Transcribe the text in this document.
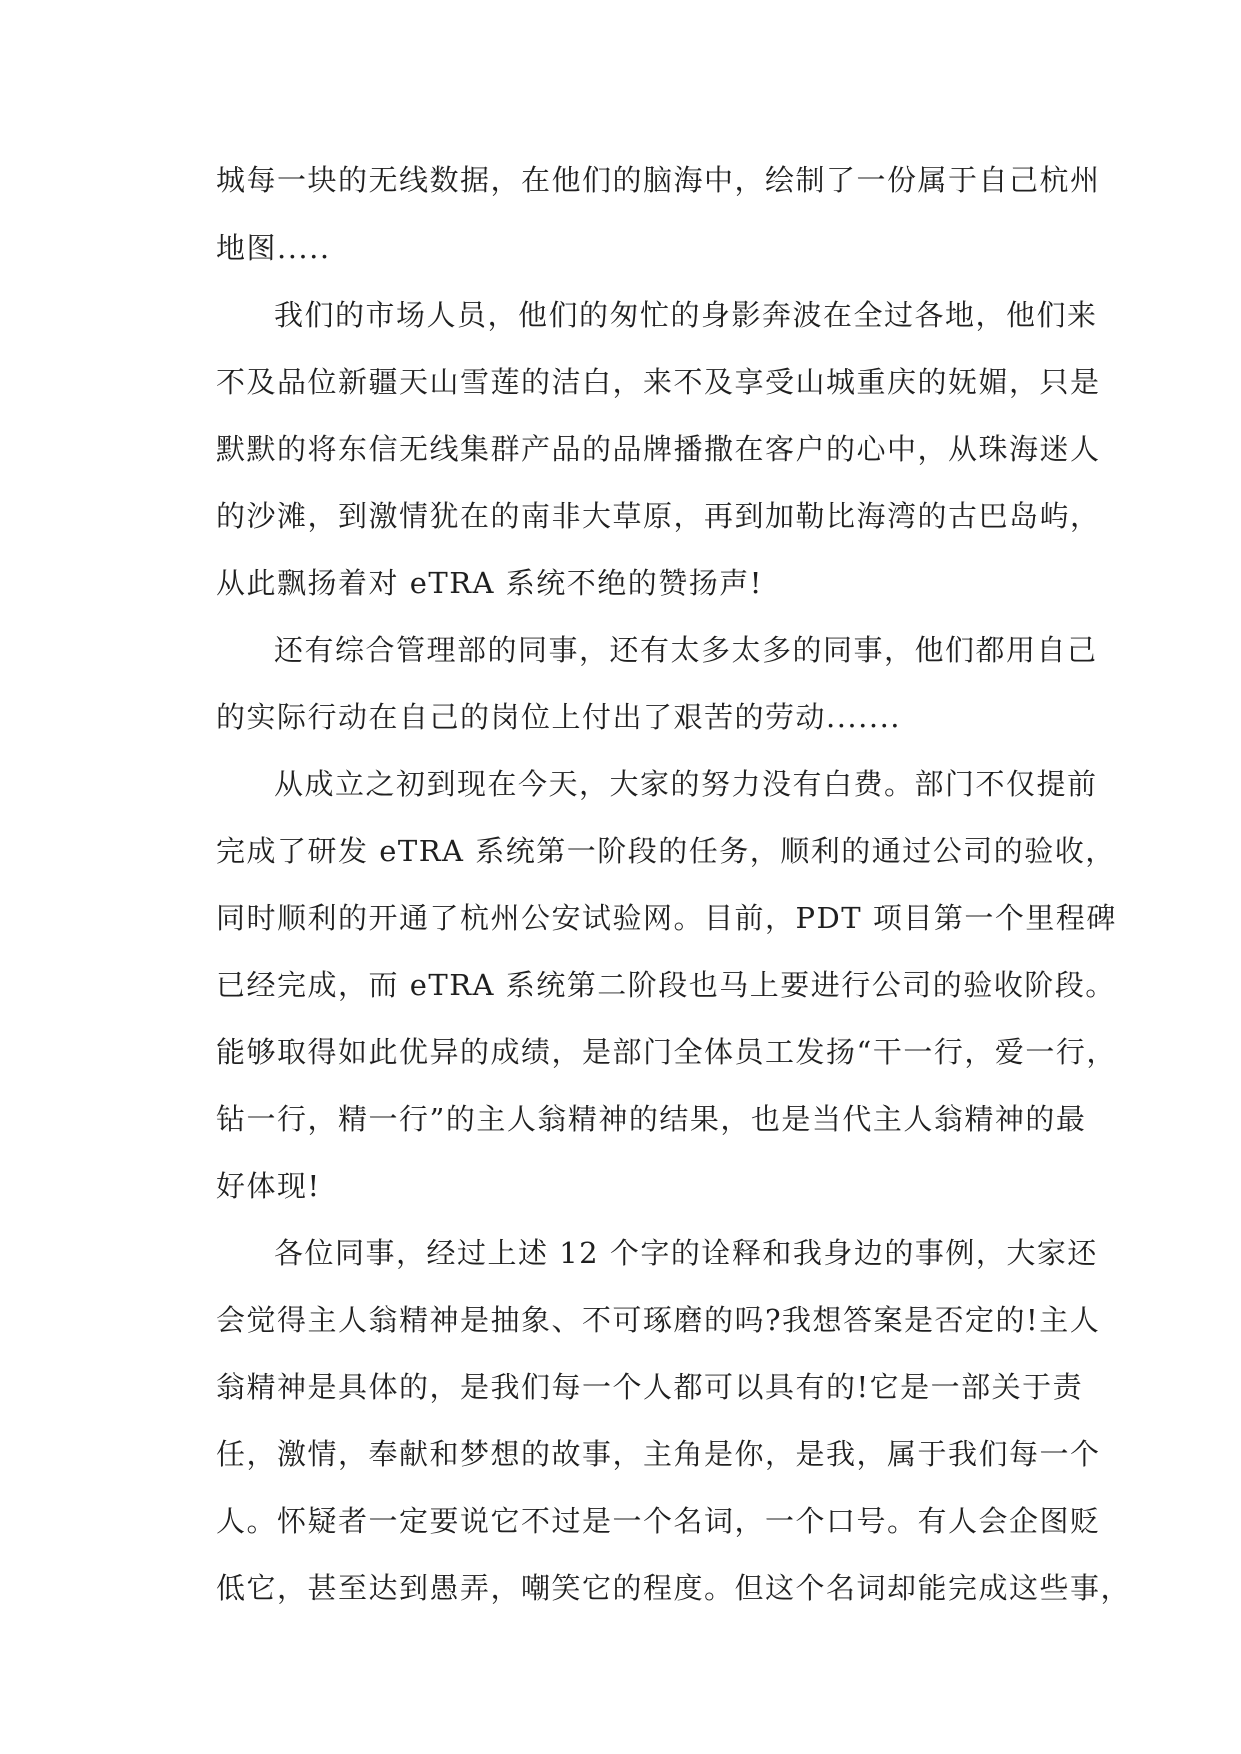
城每一块的无线数据，在他们的脑海中，绘制了一份属于自己杭州
地图.....
我们的市场人员，他们的匆忙的身影奔波在全过各地，他们来
不及品位新疆天山雪莲的洁白，来不及享受山城重庆的妩媚，只是
默默的将东信无线集群产品的品牌播撒在客户的心中，从珠海迷人
的沙滩，到激情犹在的南非大草原，再到加勒比海湾的古巴岛屿，
从此飘扬着对 eTRA 系统不绝的赞扬声!
还有综合管理部的同事，还有太多太多的同事，他们都用自己
的实际行动在自己的岗位上付出了艰苦的劳动.......
从成立之初到现在今天，大家的努力没有白费。部门不仅提前
完成了研发 eTRA 系统第一阶段的任务，顺利的通过公司的验收，
同时顺利的开通了杭州公安试验网。目前，PDT 项目第一个里程碑
已经完成，而 eTRA 系统第二阶段也马上要进行公司的验收阶段。
能够取得如此优异的成绩，是部门全体员工发扬“干一行，爱一行，
钻一行，精一行”的主人翁精神的结果，也是当代主人翁精神的最
好体现!
各位同事，经过上述 12 个字的诠释和我身边的事例，大家还
会觉得主人翁精神是抽象、不可琢磨的吗?我想答案是否定的!主人
翁精神是具体的，是我们每一个人都可以具有的!它是一部关于责
任，激情，奉献和梦想的故事，主角是你，是我，属于我们每一个
人。怀疑者一定要说它不过是一个名词，一个口号。有人会企图贬
低它，甚至达到愚弄，嘲笑它的程度。但这个名词却能完成这些事，
